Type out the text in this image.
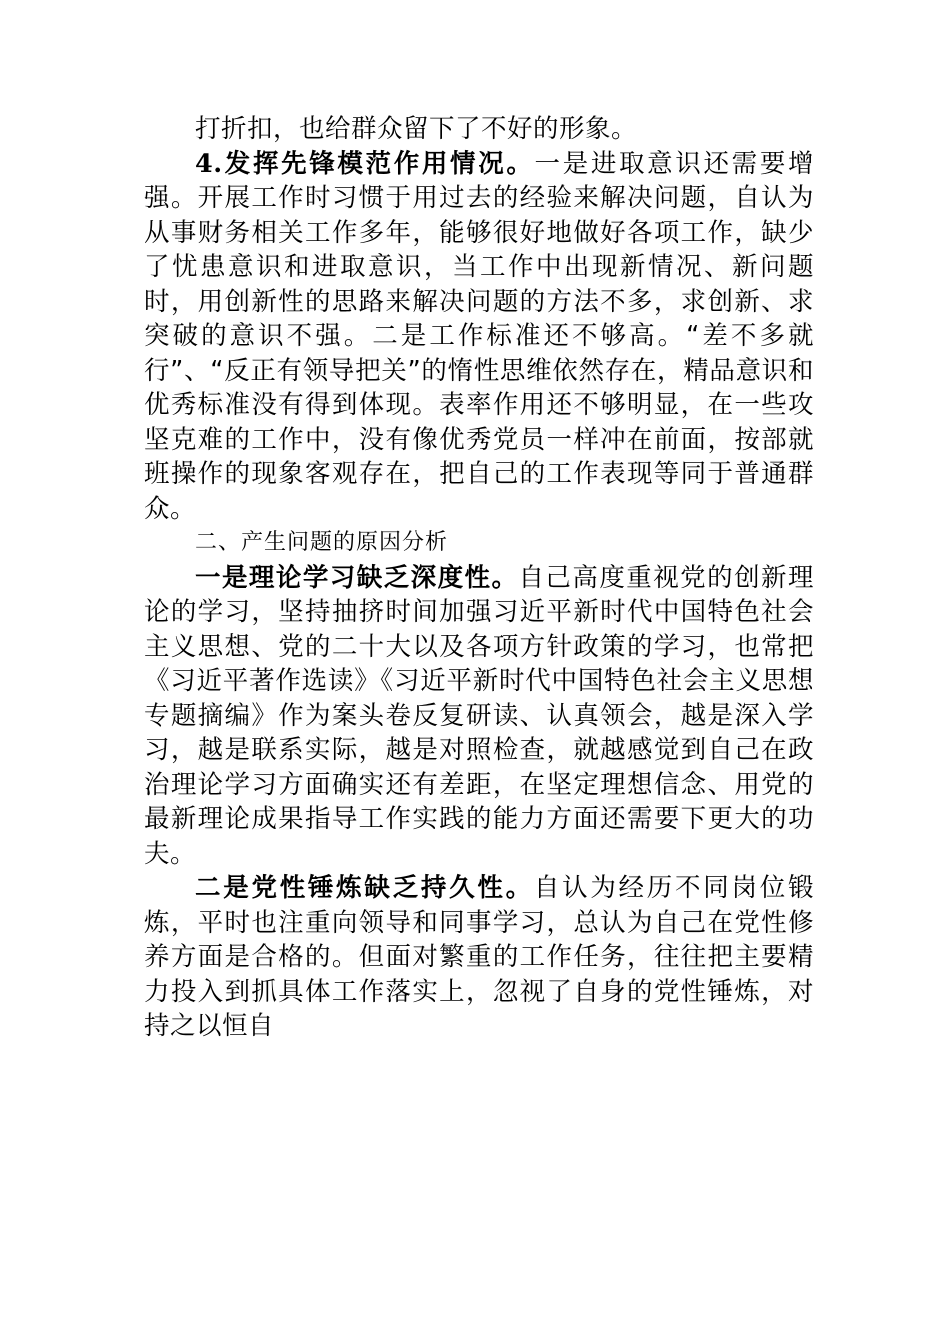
打折扣，也给群众留下了不好的形象。

4.发挥先锋模范作用情况。一是进取意识还需要增强。开展工作时习惯于用过去的经验来解决问题，自认为从事财务相关工作多年，能够很好地做好各项工作，缺少了忧患意识和进取意识，当工作中出现新情况、新问题时，用创新性的思路来解决问题的方法不多，求创新、求突破的意识不强。二是工作标准还不够高。“差不多就行”、“反正有领导把关”的惰性思维依然存在，精品意识和优秀标准没有得到体现。表率作用还不够明显，在一些攻坚克难的工作中，没有像优秀党员一样冲在前面，按部就班操作的现象客观存在，把自己的工作表现等同于普通群众。

二、产生问题的原因分析

一是理论学习缺乏深度性。自己高度重视党的创新理论的学习，坚持抽挤时间加强习近平新时代中国特色社会主义思想、党的二十大以及各项方针政策的学习，也常把《习近平著作选读》《习近平新时代中国特色社会主义思想专题摘编》作为案头卷反复研读、认真领会，越是深入学习，越是联系实际，越是对照检查，就越感觉到自己在政治理论学习方面确实还有差距，在坚定理想信念、用党的最新理论成果指导工作实践的能力方面还需要下更大的功夫。

二是党性锤炼缺乏持久性。自认为经历不同岗位锻炼，平时也注重向领导和同事学习，总认为自己在党性修养方面是合格的。但面对繁重的工作任务，往往把主要精力投入到抓具体工作落实上，忽视了自身的党性锤炼，对持之以恒自
